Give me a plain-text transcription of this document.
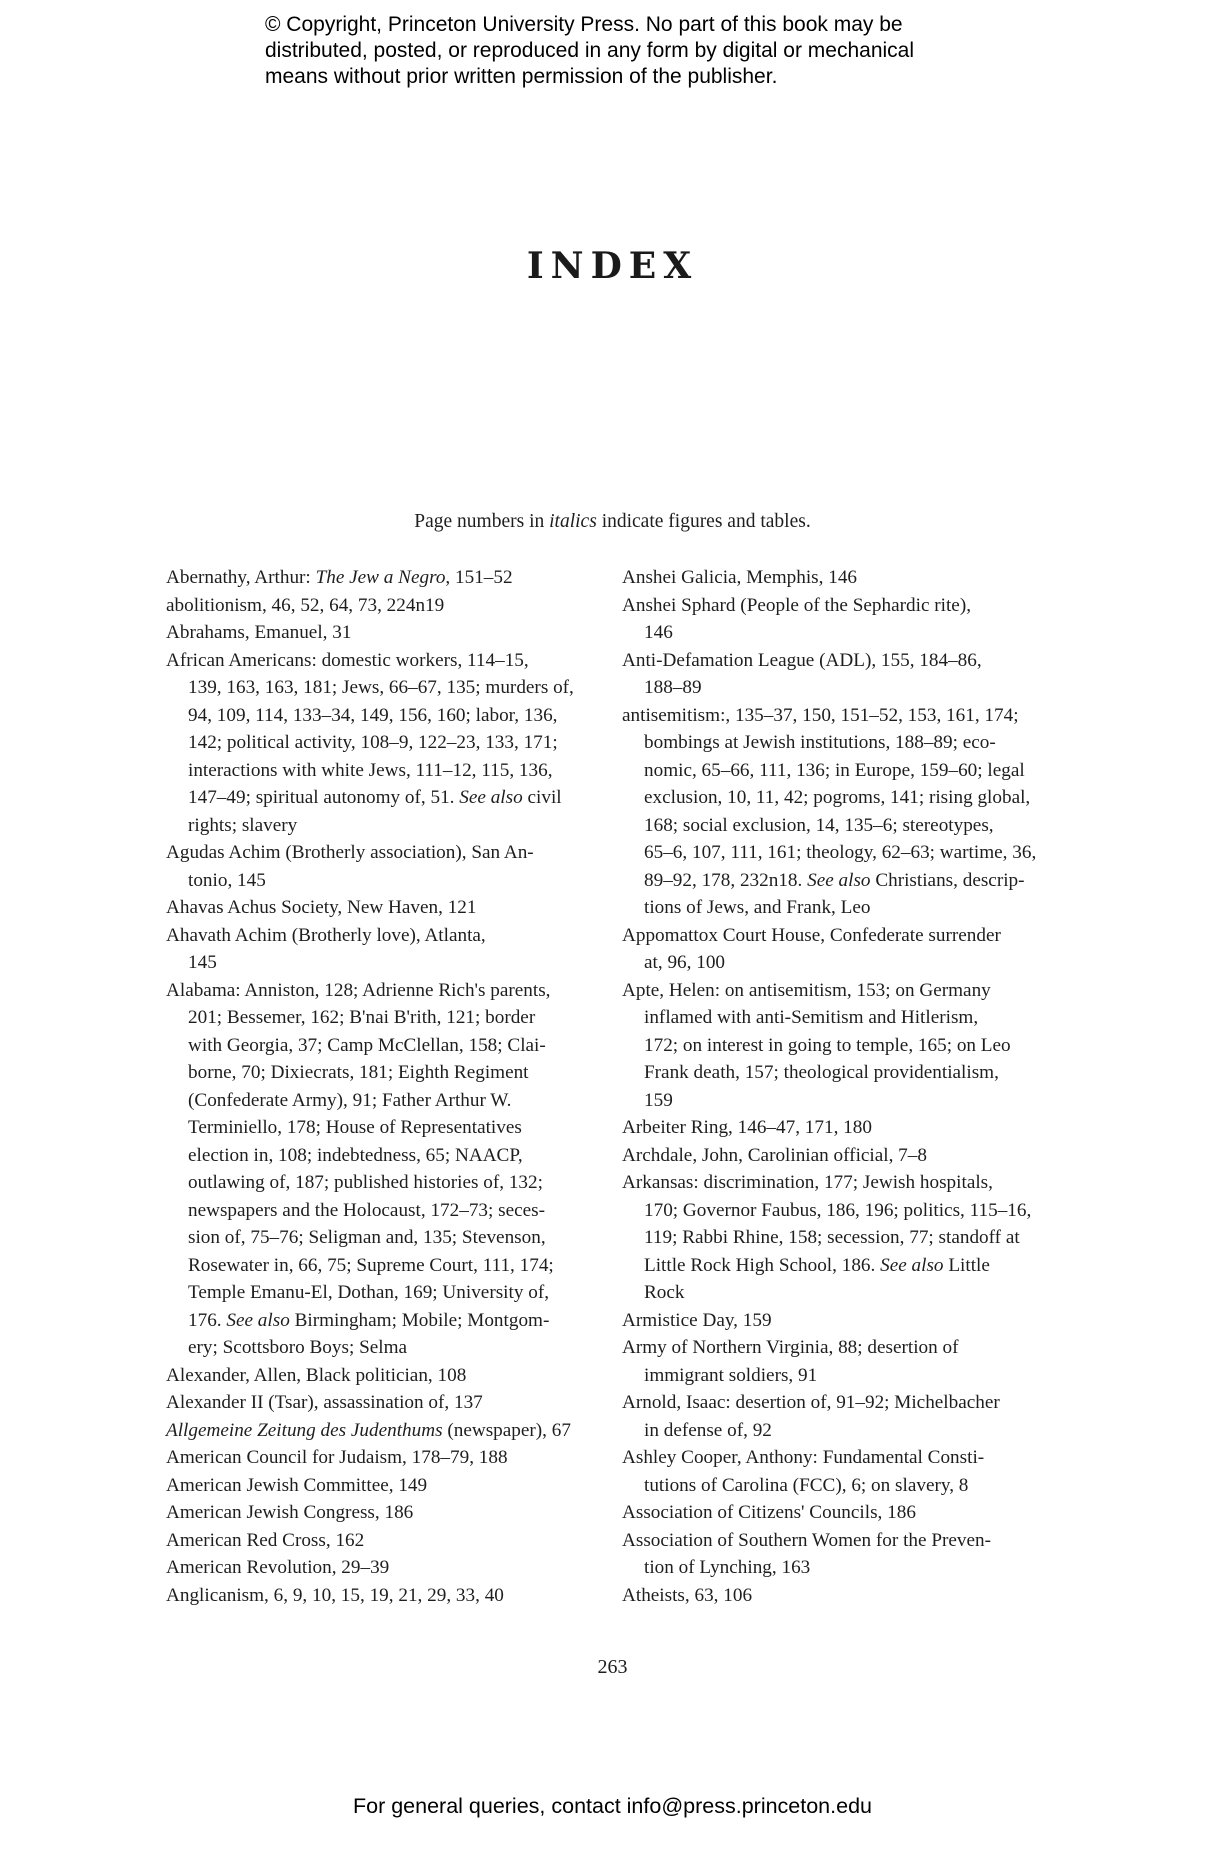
© Copyright, Princeton University Press. No part of this book may be
distributed, posted, or reproduced in any form by digital or mechanical
means without prior written permission of the publisher.
INDEX
Page numbers in italics indicate figures and tables.
Abernathy, Arthur: The Jew a Negro, 151–52
abolitionism, 46, 52, 64, 73, 224n19
Abrahams, Emanuel, 31
African Americans: domestic workers, 114–15,
139, 163, 163, 181; Jews, 66–67, 135; murders of,
94, 109, 114, 133–34, 149, 156, 160; labor, 136,
142; political activity, 108–9, 122–23, 133, 171;
interactions with white Jews, 111–12, 115, 136,
147–49; spiritual autonomy of, 51. See also civil
rights; slavery
Agudas Achim (Brotherly association), San An-
tonio, 145
Ahavas Achus Society, New Haven, 121
Ahavath Achim (Brotherly love), Atlanta,
145
Alabama: Anniston, 128; Adrienne Rich's parents,
201; Bessemer, 162; B'nai B'rith, 121; border
with Georgia, 37; Camp McClellan, 158; Clai-
borne, 70; Dixiecrats, 181; Eighth Regiment
(Confederate Army), 91; Father Arthur W.
Terminiello, 178; House of Representatives
election in, 108; indebtedness, 65; NAACP,
outlawing of, 187; published histories of, 132;
newspapers and the Holocaust, 172–73; seces-
sion of, 75–76; Seligman and, 135; Stevenson,
Rosewater in, 66, 75; Supreme Court, 111, 174;
Temple Emanu-El, Dothan, 169; University of,
176. See also Birmingham; Mobile; Montgom-
ery; Scottsboro Boys; Selma
Alexander, Allen, Black politician, 108
Alexander II (Tsar), assassination of, 137
Allgemeine Zeitung des Judenthums (newspaper), 67
American Council for Judaism, 178–79, 188
American Jewish Committee, 149
American Jewish Congress, 186
American Red Cross, 162
American Revolution, 29–39
Anglicanism, 6, 9, 10, 15, 19, 21, 29, 33, 40
Anshei Galicia, Memphis, 146
Anshei Sphard (People of the Sephardic rite),
146
Anti-Defamation League (ADL), 155, 184–86,
188–89
antisemitism:, 135–37, 150, 151–52, 153, 161, 174;
bombings at Jewish institutions, 188–89; eco-
nomic, 65–66, 111, 136; in Europe, 159–60; legal
exclusion, 10, 11, 42; pogroms, 141; rising global,
168; social exclusion, 14, 135–6; stereotypes,
65–6, 107, 111, 161; theology, 62–63; wartime, 36,
89–92, 178, 232n18. See also Christians, descrip-
tions of Jews, and Frank, Leo
Appomattox Court House, Confederate surrender
at, 96, 100
Apte, Helen: on antisemitism, 153; on Germany
inflamed with anti-Semitism and Hitlerism,
172; on interest in going to temple, 165; on Leo
Frank death, 157; theological providentialism,
159
Arbeiter Ring, 146–47, 171, 180
Archdale, John, Carolinian official, 7–8
Arkansas: discrimination, 177; Jewish hospitals,
170; Governor Faubus, 186, 196; politics, 115–16,
119; Rabbi Rhine, 158; secession, 77; standoff at
Little Rock High School, 186. See also Little
Rock
Armistice Day, 159
Army of Northern Virginia, 88; desertion of
immigrant soldiers, 91
Arnold, Isaac: desertion of, 91–92; Michelbacher
in defense of, 92
Ashley Cooper, Anthony: Fundamental Consti-
tutions of Carolina (FCC), 6; on slavery, 8
Association of Citizens' Councils, 186
Association of Southern Women for the Preven-
tion of Lynching, 163
Atheists, 63, 106
263
For general queries, contact info@press.princeton.edu
